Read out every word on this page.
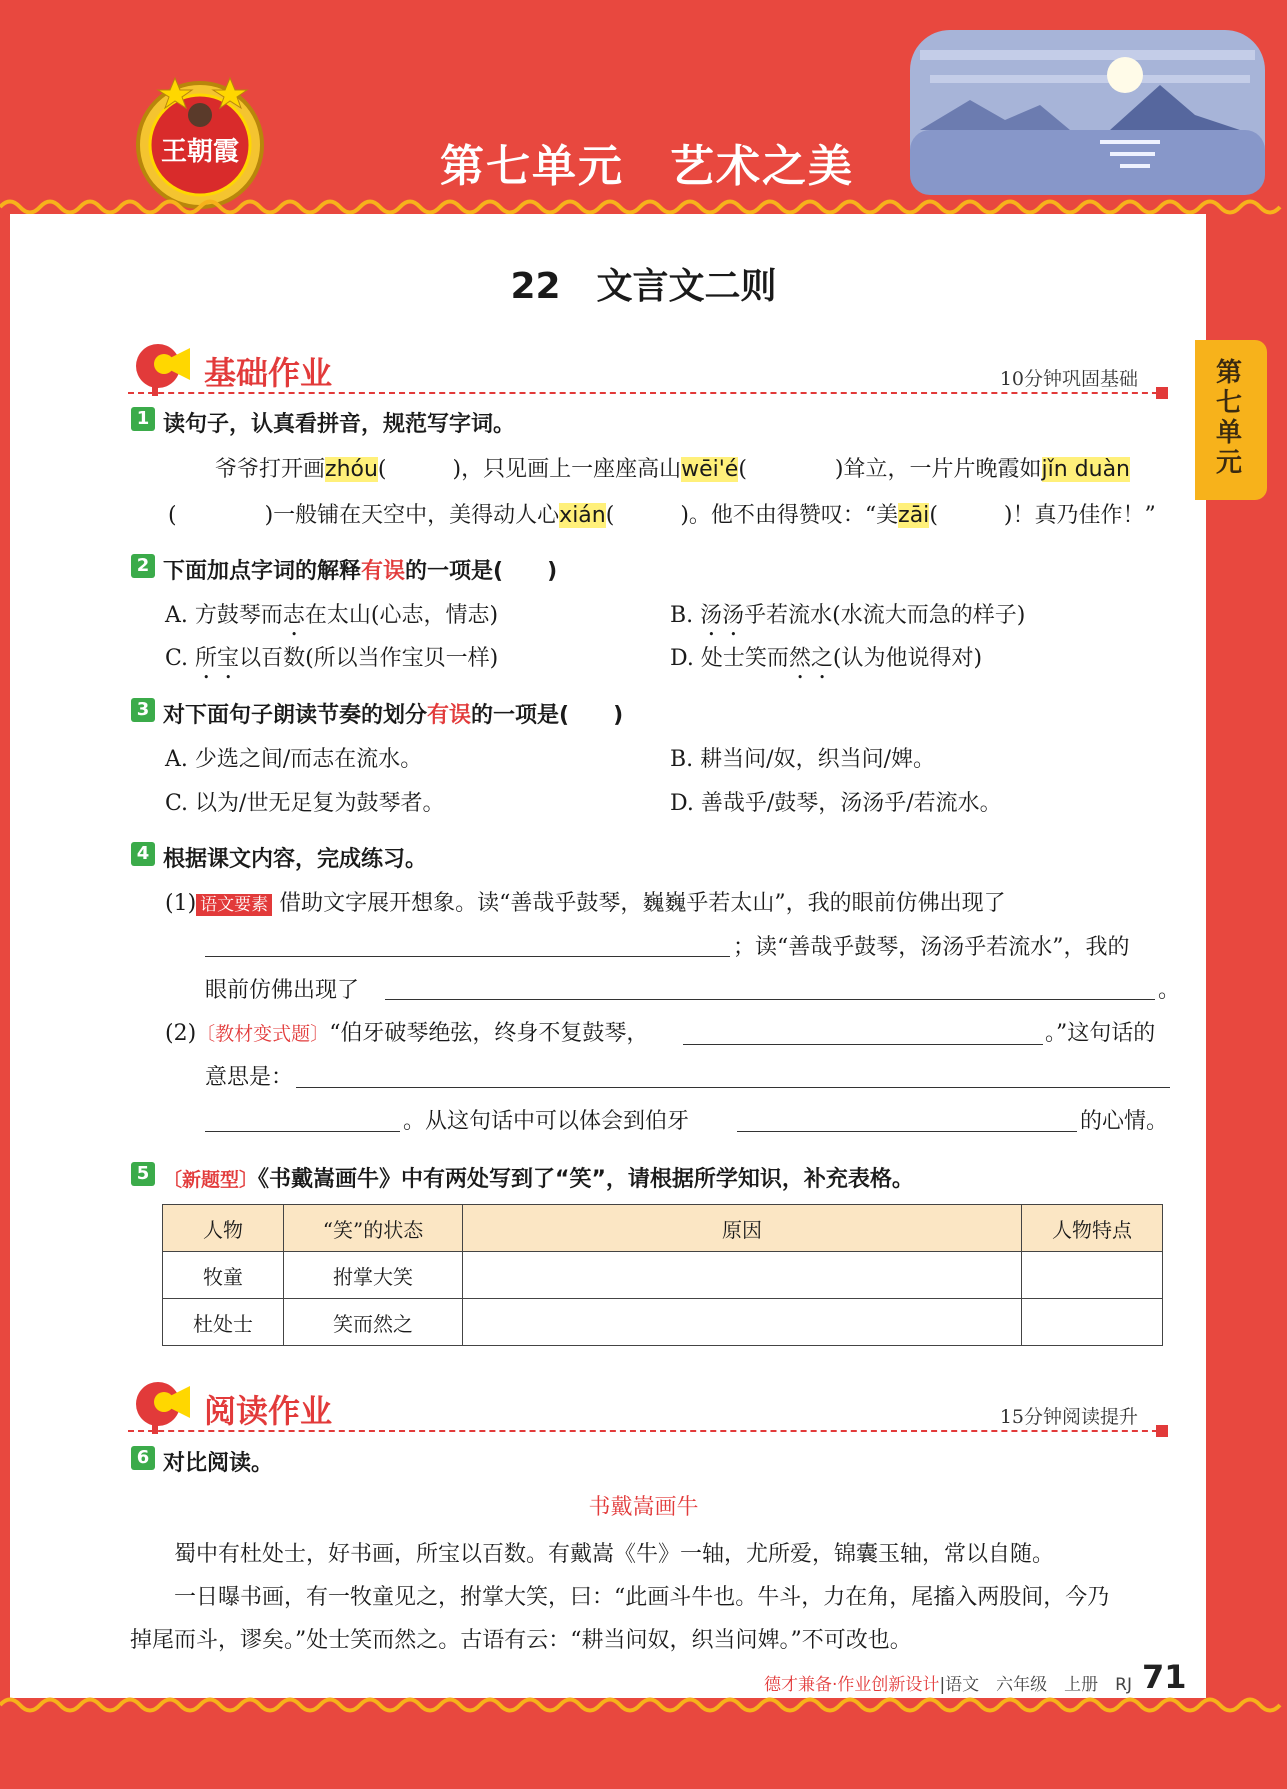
王朝霞	第七单元　艺术之美
第七单元
22　文言文二则
基础作业	10分钟巩固基础
1 读句子，认真看拼音，规范写字词。
爷爷打开画zhóu(　　　)，只见画上一座座高山wēi'é(　　　　)耸立，一片片晚霞如jǐn duàn
(　　　　)一般铺在天空中，美得动人心xián(　　　)。他不由得赞叹：“美zāi(　　　)！真乃佳作！”
2 下面加点字词的解释有误的一项是(　　)
A. 方鼓琴而志在太山(心志，情志)	B. 汤汤乎若流水(水流大而急的样子)
C. 所宝以百数(所以当作宝贝一样)	D. 处士笑而然之(认为他说得对)
3 对下面句子朗读节奏的划分有误的一项是(　　)
A. 少选之间/而志在流水。	B. 耕当问/奴，织当问/婢。
C. 以为/世无足复为鼓琴者。	D. 善哉乎/鼓琴，汤汤乎/若流水。
4 根据课文内容，完成练习。
(1) 语文要素 借助文字展开想象。读“善哉乎鼓琴，巍巍乎若太山”，我的眼前仿佛出现了
；读“善哉乎鼓琴，汤汤乎若流水”，我的
眼前仿佛出现了	。
(2)〔教材变式题〕“伯牙破琴绝弦，终身不复鼓琴，	。”这句话的
意思是：
。从这句话中可以体会到伯牙	的心情。
5 〔新题型〕《书戴嵩画牛》中有两处写到了“笑”，请根据所学知识，补充表格。
人物	“笑”的状态	原因	人物特点
牧童	拊掌大笑		
杜处士	笑而然之		
阅读作业	15分钟阅读提升
6 对比阅读。
书戴嵩画牛
　　蜀中有杜处士，好书画，所宝以百数。有戴嵩《牛》一轴，尤所爱，锦囊玉轴，常以自随。
　　一日曝书画，有一牧童见之，拊掌大笑，曰：“此画斗牛也。牛斗，力在角，尾搐入两股间，今乃
掉尾而斗，谬矣。”处士笑而然之。古语有云：“耕当问奴，织当问婢。”不可改也。
德才兼备·作业创新设计|语文　六年级　上册　RJ 71
